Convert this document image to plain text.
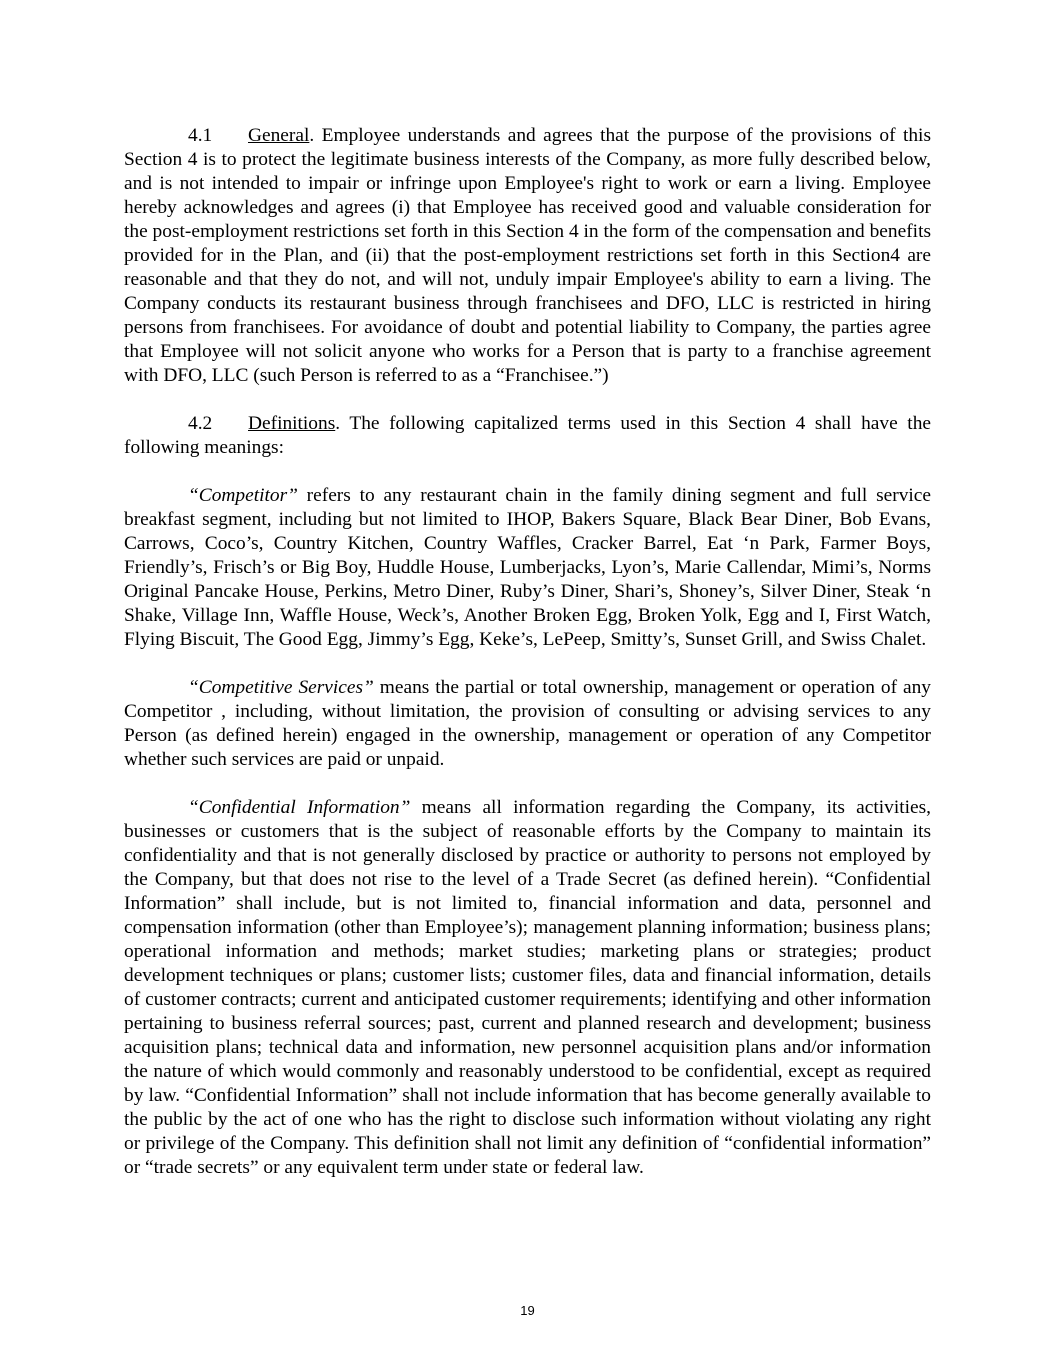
4.1 General. Employee understands and agrees that the purpose of the provisions of this Section 4 is to protect the legitimate business interests of the Company, as more fully described below, and is not intended to impair or infringe upon Employee's right to work or earn a living. Employee hereby acknowledges and agrees (i) that Employee has received good and valuable consideration for the post-employment restrictions set forth in this Section 4 in the form of the compensation and benefits provided for in the Plan, and (ii) that the post-employment restrictions set forth in this Section4 are reasonable and that they do not, and will not, unduly impair Employee's ability to earn a living. The Company conducts its restaurant business through franchisees and DFO, LLC is restricted in hiring persons from franchisees. For avoidance of doubt and potential liability to Company, the parties agree that Employee will not solicit anyone who works for a Person that is party to a franchise agreement with DFO, LLC (such Person is referred to as a “Franchisee.”)

4.2 Definitions. The following capitalized terms used in this Section 4 shall have the following meanings:

“Competitor” refers to any restaurant chain in the family dining segment and full service breakfast segment, including but not limited to IHOP, Bakers Square, Black Bear Diner, Bob Evans, Carrows, Coco’s, Country Kitchen, Country Waffles, Cracker Barrel, Eat ‘n Park, Farmer Boys, Friendly’s, Frisch’s or Big Boy, Huddle House, Lumberjacks, Lyon’s, Marie Callendar, Mimi’s, Norms Original Pancake House, Perkins, Metro Diner, Ruby’s Diner, Shari’s, Shoney’s, Silver Diner, Steak ‘n Shake, Village Inn, Waffle House, Weck’s, Another Broken Egg, Broken Yolk, Egg and I, First Watch, Flying Biscuit, The Good Egg, Jimmy’s Egg, Keke’s, LePeep, Smitty’s, Sunset Grill, and Swiss Chalet.

“Competitive Services” means the partial or total ownership, management or operation of any Competitor , including, without limitation, the provision of consulting or advising services to any Person (as defined herein) engaged in the ownership, management or operation of any Competitor whether such services are paid or unpaid.

“Confidential Information” means all information regarding the Company, its activities, businesses or customers that is the subject of reasonable efforts by the Company to maintain its confidentiality and that is not generally disclosed by practice or authority to persons not employed by the Company, but that does not rise to the level of a Trade Secret (as defined herein). “Confidential Information” shall include, but is not limited to, financial information and data, personnel and compensation information (other than Employee’s); management planning information; business plans; operational information and methods; market studies; marketing plans or strategies; product development techniques or plans; customer lists; customer files, data and financial information, details of customer contracts; current and anticipated customer requirements; identifying and other information pertaining to business referral sources; past, current and planned research and development; business acquisition plans; technical data and information, new personnel acquisition plans and/or information the nature of which would commonly and reasonably understood to be confidential, except as required by law. “Confidential Information” shall not include information that has become generally available to the public by the act of one who has the right to disclose such information without violating any right or privilege of the Company. This definition shall not limit any definition of “confidential information” or “trade secrets” or any equivalent term under state or federal law.

19
